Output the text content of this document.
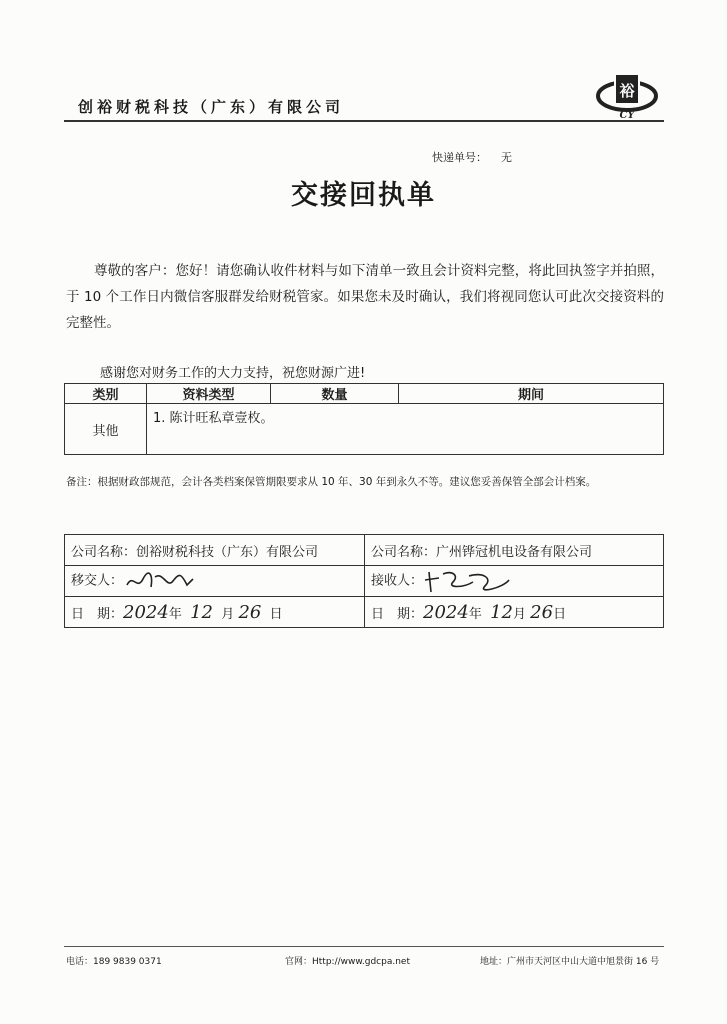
创裕财税科技（广东）有限公司
裕
CY
快递单号： 无
交接回执单
尊敬的客户：您好！请您确认收件材料与如下清单一致且会计资料完整，将此回执签字并拍照，于 10 个工作日内微信客服群发给财税管家。如果您未及时确认，我们将视同您认可此次交接资料的完整性。
感谢您对财务工作的大力支持，祝您财源广进!
类别	资料类型	数量	期间
其他	1. 陈计旺私章壹枚。		
备注：根据财政部规范，会计各类档案保管期限要求从 10 年、30 年到永久不等。建议您妥善保管全部会计档案。
公司名称：创裕财税科技（广东）有限公司	公司名称：广州铧冠机电设备有限公司
移交人：	接收人：
日　期：2024年 12 月 26 日	日　期：2024年 12月 26日
电话：189 9839 0371	官网：Http://www.gdcpa.net	地址：广州市天河区中山大道中旭景街 16 号
